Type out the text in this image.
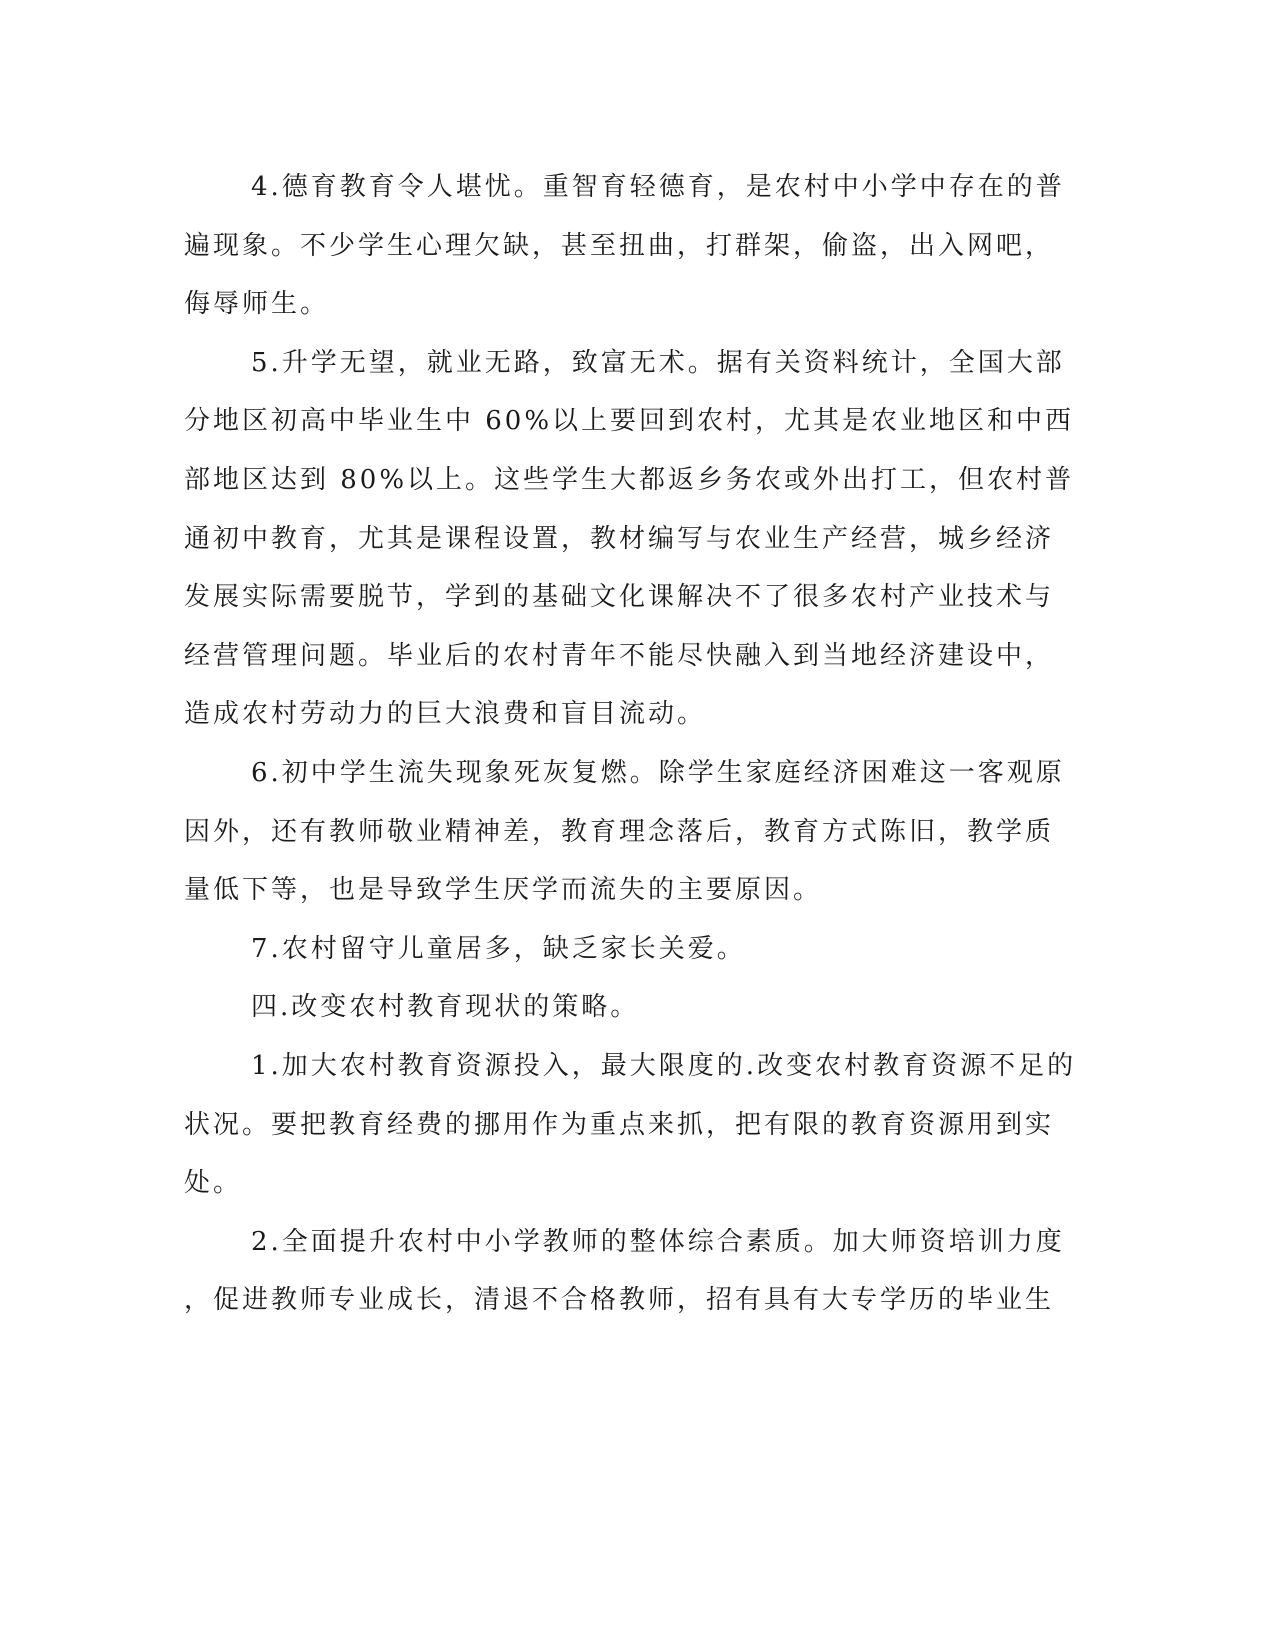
4.德育教育令人堪忧。重智育轻德育，是农村中小学中存在的普
遍现象。不少学生心理欠缺，甚至扭曲，打群架，偷盗，出入网吧，
侮辱师生。
5.升学无望，就业无路，致富无术。据有关资料统计，全国大部
分地区初高中毕业生中 60%以上要回到农村，尤其是农业地区和中西
部地区达到 80%以上。这些学生大都返乡务农或外出打工，但农村普
通初中教育，尤其是课程设置，教材编写与农业生产经营，城乡经济
发展实际需要脱节，学到的基础文化课解决不了很多农村产业技术与
经营管理问题。毕业后的农村青年不能尽快融入到当地经济建设中，
造成农村劳动力的巨大浪费和盲目流动。
6.初中学生流失现象死灰复燃。除学生家庭经济困难这一客观原
因外，还有教师敬业精神差，教育理念落后，教育方式陈旧，教学质
量低下等，也是导致学生厌学而流失的主要原因。
7.农村留守儿童居多，缺乏家长关爱。
四.改变农村教育现状的策略。
1.加大农村教育资源投入，最大限度的.改变农村教育资源不足的
状况。要把教育经费的挪用作为重点来抓，把有限的教育资源用到实
处。
2.全面提升农村中小学教师的整体综合素质。加大师资培训力度
，促进教师专业成长，清退不合格教师，招有具有大专学历的毕业生
